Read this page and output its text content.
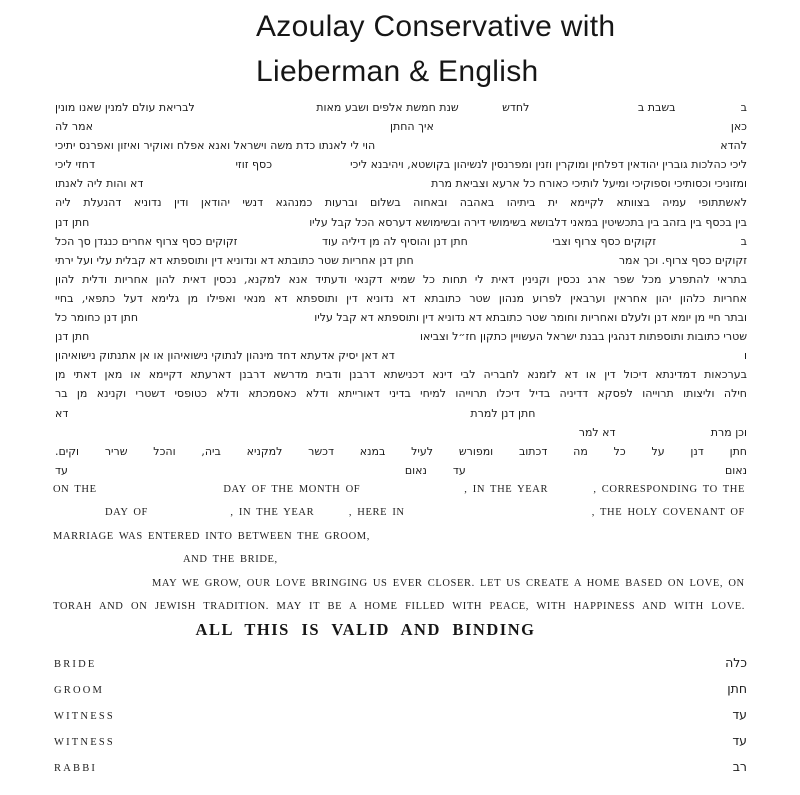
Azoulay Conservative with
Lieberman & English
ב
בשבת ב
לחדש
שנת חמשת אלפים ושבע מאות
לבריאת עולם למנין שאנו מונין
כאן
איך החתן
אמר לה
להדא
הוי לי לאנתו כדת משה וישראל ואנא אפלח ואוקיר ואיזון ואפרנס יתיכי
ליכי כהלכות גוברין יהודאין דפלחין ומוקרין וזנין ומפרנסין לנשיהון בקושטא, ויהיבנא ליכי
כסף זוזי
דחזי ליכי
ומזוניכי וכסותיכי וספוקיכי ומיעל לותיכי כאורח כל ארעא וצביאת מרת
דא והות ליה לאנתו
לאשתתופי עמיה בצוותא לקיימא ית ביתיהו באהבה ובאחוה בשלום וברעות כמנהגא דנשי יהודאן ודין נדוניא דהנעלת ליה
בין בכסף בין בזהב בין בתכשיטין במאני דלבושא בשימושי דירה ובשימושא דערסא הכל קבל עליו
חתן דנן
ב
זקוקים כסף צרוף וצבי
חתן דנן והוסיף לה מן דיליה עוד
זקוקים כסף צרוף אחרים כנגדן סך הכל
זקוקים כסף צרוף. וכך אמר
חתן דנן אחריות שטר כתובתא דא ונדוניא דין ותוספתא דא קבלית עלי ועל ירתי
בתראי להתפרע מכל שפר ארג נכסין וקנינין דאית לי תחות כל שמיא דקנאי ודעתיד אנא למקנא, נכסין דאית להון אחריות ודלית להון
אחריות כלהון יהון אחראין וערבאין לפרוע מנהון שטר כתובתא דא נדוניא דין ותוספתא דא מנאי ואפילו מן גלימא דעל כתפאי, בחיי
ובתר חיי מן יומא דנן ולעלם ואחריות וחומר שטר כתובתא דא נדוניא דין ותוספתא דא קבל עליו
חתן דנן כחומר כל
שטרי כתובות ותוספתות דנהגין בבנת ישראל העשויין כתקון חז״ל וצביאו
חתן דנן
ו
דא דאן יסיק אדעתא דחד מינהון לנתוקי נישואיהון או אן אתנתוק נישואיהון
בערכאות דמדינתא דיכול דין או דא לזמנא לחבריה לבי דינא דכנישתא דרבנן ודבית מדרשא דרבנן דארעתא דקיימא או מאן דאתי מן
חילה וליצותו תרוייהו לפסקא דדיניה בדיל דיכלו תרוייהו למיחי בדיני דאורייתא ודלא כאסמכתא ודלא כטופסי דשטרי וקנינא מן בר
חתן דנן למרת
דא
וכן מרת
דא למר
חתן דנן על כל מה דכתוב ומפורש לעיל במנא דכשר למקניא ביה, והכל שריר וקים.
נאום
עד
נאום
עד
ON THE	DAY OF THE MONTH OF	, IN THE YEAR	, CORRESPONDING TO THE
DAY OF	, IN THE YEAR	, HERE IN	, THE HOLY COVENANT OF
MARRIAGE WAS ENTERED INTO BETWEEN THE GROOM,
AND THE BRIDE,
MAY WE GROW, OUR LOVE BRINGING US EVER CLOSER. LET US CREATE A HOME BASED ON LOVE, ON
TORAH AND ON JEWISH TRADITION. MAY IT BE A HOME FILLED WITH PEACE, WITH HAPPINESS AND WITH LOVE.
ALL THIS IS VALID AND BINDING
BRIDE	כלה
GROOM	חתן
WITNESS	עד
WITNESS	עד
RABBI	רב
